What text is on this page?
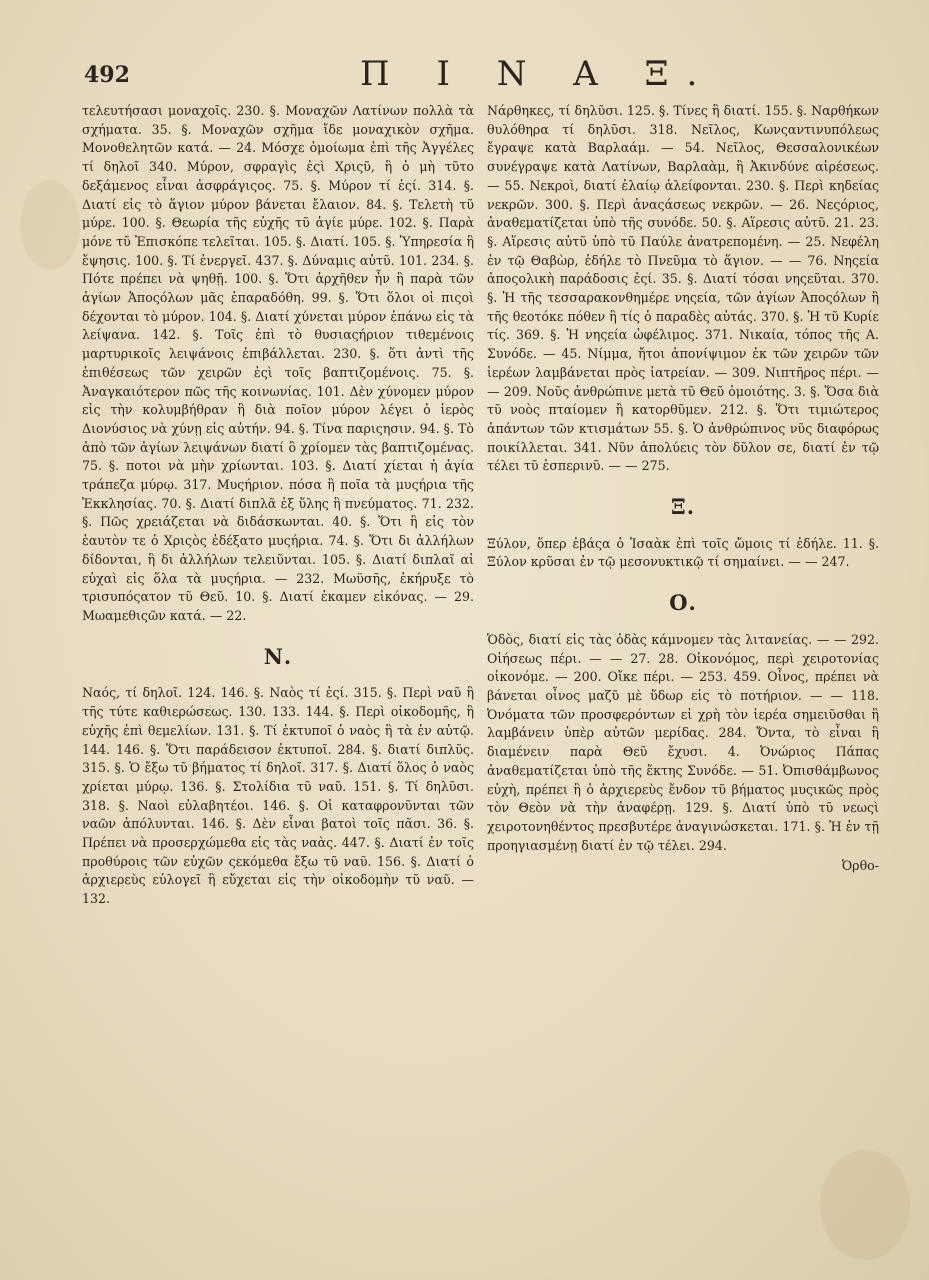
492	Π Ι Ν Α Ξ.

τελευτήσασι μοναχοῖς. 230. §. Μοναχῶν Λατίνων πολλὰ τὰ σχήματα. 35. §. Μοναχῶν σχῆμα ἴδε μοναχικὸν σχῆμα. Μονοθελητῶν κατά. — 24. Μόσχε ὁμοίωμα ἐπὶ τῆς Ἀγγέλες τί δηλοῖ 340. Μύρον, σφραγὶς ἐςὶ Χριςῦ, ἣ ὁ μὴ τῦτο δεξάμενος εἶναι ἀσφράγιςος. 75. §. Μύρον τί ἐςί. 314. §. Διατί εἰς τὸ ἅγιον μύρον βάνεται ἔλαιον. 84. §. Τελετὴ τῦ μύρε. 100. §. Θεωρία τῆς εὐχῆς τῦ ἁγίε μύρε. 102. §. Παρὰ μόνε τῦ Ἐπισκόπε τελεῖται. 105. §. Διατί. 105. §. Ὑπηρεσία ἣ ἔψησις. 100. §. Τί ἐνεργεῖ. 437. §. Δύναμις αὐτῦ. 101. 234. §. Πότε πρέπει νὰ ψηθῇ. 100. §. Ὅτι ἀρχῆθεν ἦν ἣ παρὰ τῶν ἁγίων Ἀποςόλων μᾶς ἐπαραδόθη. 99. §. Ὅτι ὅλοι οἱ πιςοὶ δέχονται τὸ μύρον. 104. §. Διατί χύνεται μύρον ἐπάνω εἰς τὰ λείψανα. 142. §. Τοῖς ἐπὶ τὸ θυσιαςήριον τιθεμένοις μαρτυρικοῖς λειψάνοις ἐπιβάλλεται. 230. §. ὅτι ἀντὶ τῆς ἐπιθέσεως τῶν χειρῶν ἐςὶ τοῖς βαπτιζομένοις. 75. §. Ἀναγκαιότερον πῶς τῆς κοινωνίας. 101. Δὲν χύνομεν μύρον εἰς τὴν κολυμβήθραν ἣ διὰ ποῖον μύρον λέγει ὁ ἱερὸς Διονύσιος νὰ χύνῃ εἰς αὐτήν. 94. §. Τίνα παριςησιν. 94. §. Τὸ ἀπὸ τῶν ἁγίων λειψάνων διατί ὃ χρίομεν τὰς βαπτιζομένας. 75. §. ποτοι νὰ μὴν χρίωνται. 103. §. Διατί χίεται ἡ ἁγία τράπεζα μύρῳ. 317. Μυςήριον. πόσα ἣ ποῖα τὰ μυςήρια τῆς Ἐκκλησίας. 70. §. Διατί διπλᾶ ἐξ ὕλης ἣ πνεύματος. 71. 232. §. Πῶς χρειάζεται νὰ διδάσκωνται. 40. §. Ὅτι ἣ εἰς τὸν ἑαυτὸν τε ὁ Χριςὸς ἐδέξατο μυςήρια. 74. §. Ὅτι δι ἀλλήλων δίδονται, ἣ δι ἀλλήλων τελειῦνται. 105. §. Διατί διπλαῖ αἱ εὐχαὶ εἰς ὅλα τὰ μυςήρια. — 232. Μωϋσῆς, ἐκήρυξε τὸ τρισυπόςατον τῦ Θεῦ. 10. §. Διατί ἐκαμεν εἰκόνας. — 29. Μωαμεθιςῶν κατά. — 22.

Ν.

Ναός, τί δηλοῖ. 124. 146. §. Ναὸς τί ἐςί. 315. §. Περὶ ναῦ ἣ τῆς τύτε καθιερώσεως. 130. 133. 144. §. Περὶ οἰκοδομῆς, ἣ εὐχῆς ἐπὶ θεμελίων. 131. §. Τί ἐκτυποῖ ὁ ναὸς ἣ τὰ ἐν αὐτῷ. 144. 146. §. Ὅτι παράδεισον ἐκτυποῖ. 284. §. διατί διπλῦς. 315. §. Ὁ ἔξω τῦ βήματος τί δηλοῖ. 317. §. Διατί ὅλος ὁ ναὸς χρίεται μύρῳ. 136. §. Στολίδια τῦ ναῦ. 151. §. Τί δηλῦσι. 318. §. Ναοὶ εὐλαβητέοι. 146. §. Οἱ καταφρονῦνται τῶν ναῶν ἀπόλυνται. 146. §. Δὲν εἶναι βατοὶ τοῖς πᾶσι. 36. §. Πρέπει νὰ προσερχώμεθα εἰς τὰς ναὰς. 447. §. Διατί ἐν τοῖς προθύροις τῶν εὐχῶν ςεκόμεθα ἔξω τῦ ναῦ. 156. §. Διατί ὁ ἀρχιερεὺς εὐλογεῖ ἣ εὔχεται εἰς τὴν οἰκοδομὴν τῦ ναῦ. — 132.

Νάρθηκες, τί δηλῦσι. 125. §. Τίνες ἣ διατί. 155. §. Ναρθήκων θυλόθηρα τί δηλῦσι. 318. Νεῖλος, Κωνςαντινυπόλεως ἔγραψε κατὰ Βαρλαάμ. — 54. Νεῖλος, Θεσσαλονικέων συνέγραψε κατὰ Λατίνων, Βαρλαὰμ, ἣ Ἀκινδύνε αἱρέσεως. — 55. Νεκροὶ, διατί ἐλαίῳ ἀλείφονται. 230. §. Περὶ κηδείας νεκρῶν. 300. §. Περὶ ἀναςάσεως νεκρῶν. — 26. Νεςόριος, ἀναθεματίζεται ὑπὸ τῆς συνόδε. 50. §. Αἵρεσις αὐτῦ. 21. 23. §. Αἵρεσις αὐτῦ ὑπὸ τῦ Παύλε ἀνατρεπομένη. — 25. Νεφέλη ἐν τῷ Θαβὼρ, ἐδήλε τὸ Πνεῦμα τὸ ἅγιον. — — 76. Νηςεία ἀποςολικὴ παράδοσις ἐςί. 35. §. Διατί τόσαι νηςεῦται. 370. §. Ἡ τῆς τεσσαρακονθημέρε νηςεία, τῶν ἁγίων Ἀποςόλων ἣ τῆς θεοτόκε πόθεν ἣ τίς ὁ παραδὲς αὐτάς. 370. §. Ἡ τῦ Κυρίε τίς. 369. §. Ἡ νηςεία ὠφέλιμος. 371. Νικαία, τόπος τῆς Α. Συνόδε. — 45. Νίμμα, ἤτοι ἀπονίψιμον ἐκ τῶν χειρῶν τῶν ἱερέων λαμβάνεται πρὸς ἰατρείαν. — 309. Νιπτῆρος πέρι. — — 209. Νοῦς ἀνθρώπινε μετὰ τῦ Θεῦ ὁμοιότης. 3. §. Ὅσα διὰ τῦ νοὸς πταίομεν ἢ κατορθῦμεν. 212. §. Ὅτι τιμιώτερος ἁπάντων τῶν κτισμάτων 55. §. Ὁ ἀνθρώπινος νῦς διαφόρως ποικίλλεται. 341. Νῦν ἀπολύεις τὸν δῦλον σε, διατί ἐν τῷ τέλει τῦ ἑσπερινῦ. — — 275.

Ξ.

Ξύλον, ὅπερ ἐβάςα ὁ Ἰσαὰκ ἐπὶ τοῖς ὤμοις τί ἐδήλε. 11. §. Ξύλον κρῦσαι ἐν τῷ μεσονυκτικῷ τί σημαίνει. — — 247.

Ο.

Ὁδὸς, διατί εἰς τὰς ὁδὰς κάμνομεν τὰς λιτανείας. — — 292. Οἰήσεως πέρι. — — 27. 28. Οἰκονόμος, περὶ χειροτονίας οἰκονόμε. — 200. Οἴκε πέρι. — 253. 459. Οἶνος, πρέπει νὰ βάνεται οἶνος μαζῦ μὲ ὕδωρ εἰς τὸ ποτήριον. — — 118. Ὀνόματα τῶν προσφερόντων εἰ χρὴ τὸν ἱερέα σημειῦσθαι ἣ λαμβάνειν ὑπὲρ αὐτῶν μερίδας. 284. Ὄντα, τὸ εἶναι ἣ διαμένειν παρὰ Θεῦ ἔχυσι. 4. Ὀνώριος Πάπας ἀναθεματίζεται ὑπὸ τῆς ἕκτης Συνόδε. — 51. Ὀπισθάμβωνος εὐχὴ, πρέπει ἣ ὁ ἀρχιερεὺς ἔνδον τῦ βήματος μυςικῶς πρὸς τὸν Θεὸν νὰ τὴν ἀναφέρῃ. 129. §. Διατί ὑπὸ τῦ νεωςὶ χειροτονηθέντος πρεσβυτέρε ἀναγινώσκεται. 171. §. Ἡ ἐν τῇ προηγιασμένῃ διατί ἐν τῷ τέλει. 294.

Ὀρθο-
